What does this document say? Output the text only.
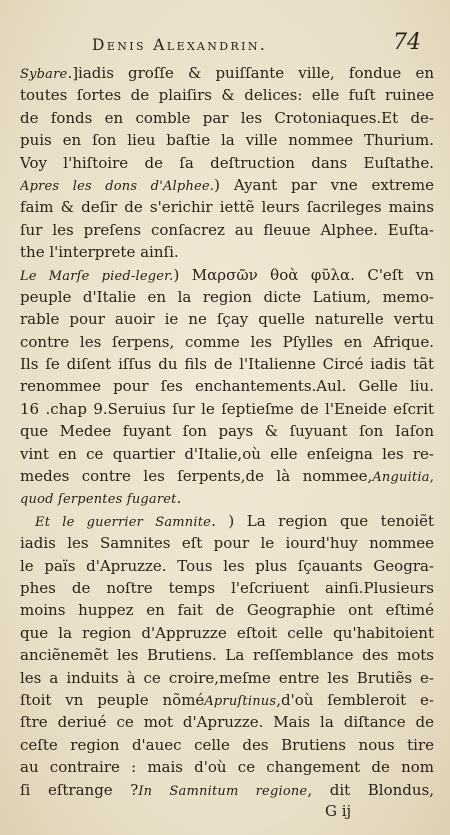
Denis Alexandrin.	74
Sybare.]iadis groſſe & puiſſante ville, fondue en
toutes ſortes de plaiſirs & delices: elle fuſt ruinee
de fonds en comble par les Crotoniaques.Et de-
puis en ſon lieu baſtie la ville nommee Thurium.
Voy l'hiſtoire de ſa deſtruction dans Euſtathe.
Apres les dons d'Alphee.) Ayant par vne extreme
faim & deſir de s'erichir iettẽ leurs ſacrileges mains
ſur les preſens conſacrez au fleuue Alphee. Euſta-
the l'interprete ainſi.
Le Marſe pied-leger.) Μαρσῶν θοὰ φῦλα. C'eſt vn
peuple d'Italie en la region dicte Latium, memo-
rable pour auoir ie ne ſçay quelle naturelle vertu
contre les ſerpens, comme les Pſylles en Afrique.
Ils ſe diſent iſſus du fils de l'Italienne Circé iadis tãt
renommee pour ſes enchantements.Aul. Gelle liu.
16 .chap 9.Seruius ſur le ſeptieſme de l'Eneide eſcrit
que Medee fuyant ſon pays & ſuyuant ſon Iaſon
vint en ce quartier d'Italie,où elle enſeigna les re-
medes contre les ſerpents,de là nommee,Anguitia,
quod ſerpentes fugaret.
Et le guerrier Samnite. ) La region que tenoiẽt
iadis les Samnites eſt pour le iourd'huy nommee
le païs d'Apruzze. Tous les plus ſçauants Geogra-
phes de noſtre temps l'eſcriuent ainſi.Plusieurs
moins huppez en fait de Geographie ont eſtimé
que la region d'Appruzze eſtoit celle qu'habitoient
anciẽnemẽt les Brutiens. La reſſemblance des mots
les a induits à ce croire,meſme entre les Brutiẽs e-
ſtoit vn peuple nõméApruſtinus,d'où ſembleroit e-
ſtre deriué ce mot d'Apruzze. Mais la diſtance de
ceſte region d'auec celle des Brutiens nous tire
au contraire : mais d'où ce changement de nom
ſi eſtrange ?In Samnitum regione, dit Blondus,
G ij
